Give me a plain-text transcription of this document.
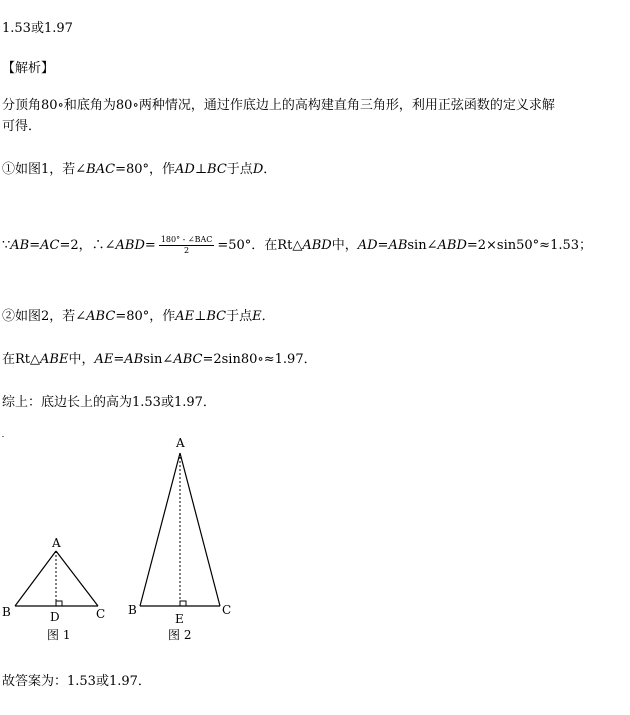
1.53或1.97
【解析】
分顶角80∘和底角为80∘两种情况，通过作底边上的高构建直角三角形，利用正弦函数的定义求解
可得．
①如图1，若∠BAC=80°，作AD⊥BC于点D．
∵AB=AC=2，∴∠ABD= $\frac{\text{180° - ∠BAC}}{2} =50^\circ$．在Rt△ABD中，AD=ABsin∠ABD=2×sin50°≈1.53；
②如图2，若∠ABC=80°，作AE⊥BC于点E．
在Rt△ABE中，AE=ABsin∠ABC=2sin80∘≈1.97．
综上：底边长上的高为1.53或1.97．
A
B	C
D
图 1
A
B	C
E
图 2
故答案为：1.53或1.97．
